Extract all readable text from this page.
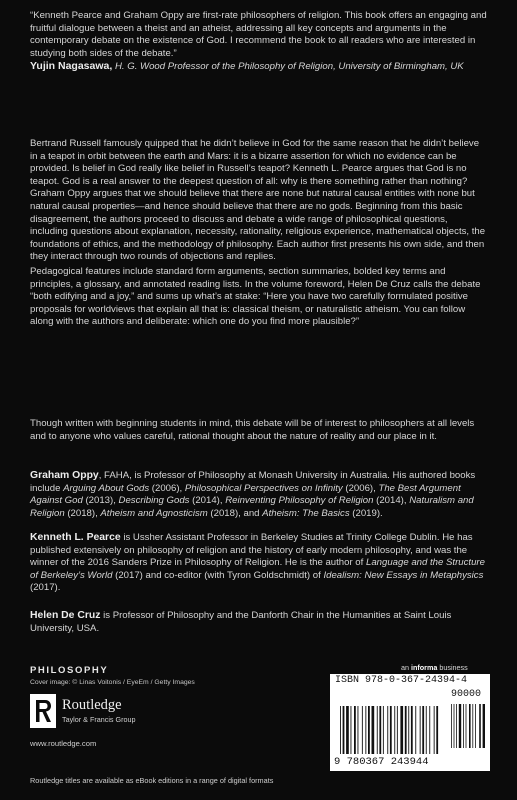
“Kenneth Pearce and Graham Oppy are first-rate philosophers of religion. This book offers an engaging and fruitful dialogue between a theist and an atheist, addressing all key concepts and arguments in the contemporary debate on the existence of God. I recommend the book to all readers who are interested in studying both sides of the debate.”
Yujin Nagasawa, H. G. Wood Professor of the Philosophy of Religion, University of Birmingham, UK
Bertrand Russell famously quipped that he didn’t believe in God for the same reason that he didn’t believe in a teapot in orbit between the earth and Mars: it is a bizarre assertion for which no evidence can be provided. Is belief in God really like belief in Russell’s teapot? Kenneth L. Pearce argues that God is no teapot. God is a real answer to the deepest question of all: why is there something rather than nothing? Graham Oppy argues that we should believe that there are none but natural causal entities with none but natural causal properties—and hence should believe that there are no gods. Beginning from this basic disagreement, the authors proceed to discuss and debate a wide range of philosophical questions, including questions about explanation, necessity, rationality, religious experience, mathematical objects, the foundations of ethics, and the methodology of philosophy. Each author first presents his own side, and then they interact through two rounds of objections and replies.
Pedagogical features include standard form arguments, section summaries, bolded key terms and principles, a glossary, and annotated reading lists. In the volume foreword, Helen De Cruz calls the debate “both edifying and a joy,” and sums up what’s at stake: “Here you have two carefully formulated positive proposals for worldviews that explain all that is: classical theism, or naturalistic atheism. You can follow along with the authors and deliberate: which one do you find more plausible?”
Though written with beginning students in mind, this debate will be of interest to philosophers at all levels and to anyone who values careful, rational thought about the nature of reality and our place in it.
Graham Oppy, FAHA, is Professor of Philosophy at Monash University in Australia. His authored books include Arguing About Gods (2006), Philosophical Perspectives on Infinity (2006), The Best Argument Against God (2013), Describing Gods (2014), Reinventing Philosophy of Religion (2014), Naturalism and Religion (2018), Atheism and Agnosticism (2018), and Atheism: The Basics (2019).
Kenneth L. Pearce is Ussher Assistant Professor in Berkeley Studies at Trinity College Dublin. He has published extensively on philosophy of religion and the history of early modern philosophy, and was the winner of the 2016 Sanders Prize in Philosophy of Religion. He is the author of Language and the Structure of Berkeley’s World (2017) and co-editor (with Tyron Goldschmidt) of Idealism: New Essays in Metaphysics (2017).
Helen De Cruz is Professor of Philosophy and the Danforth Chair in the Humanities at Saint Louis University, USA.
PHILOSOPHY
Cover image: © Linas Voitonis / EyeEm / Getty Images
Routledge
Taylor & Francis Group
www.routledge.com
Routledge titles are available as eBook editions in a range of digital formats
an informa business
ISBN 978-0-367-24394-4
90000
9 780367 243944
